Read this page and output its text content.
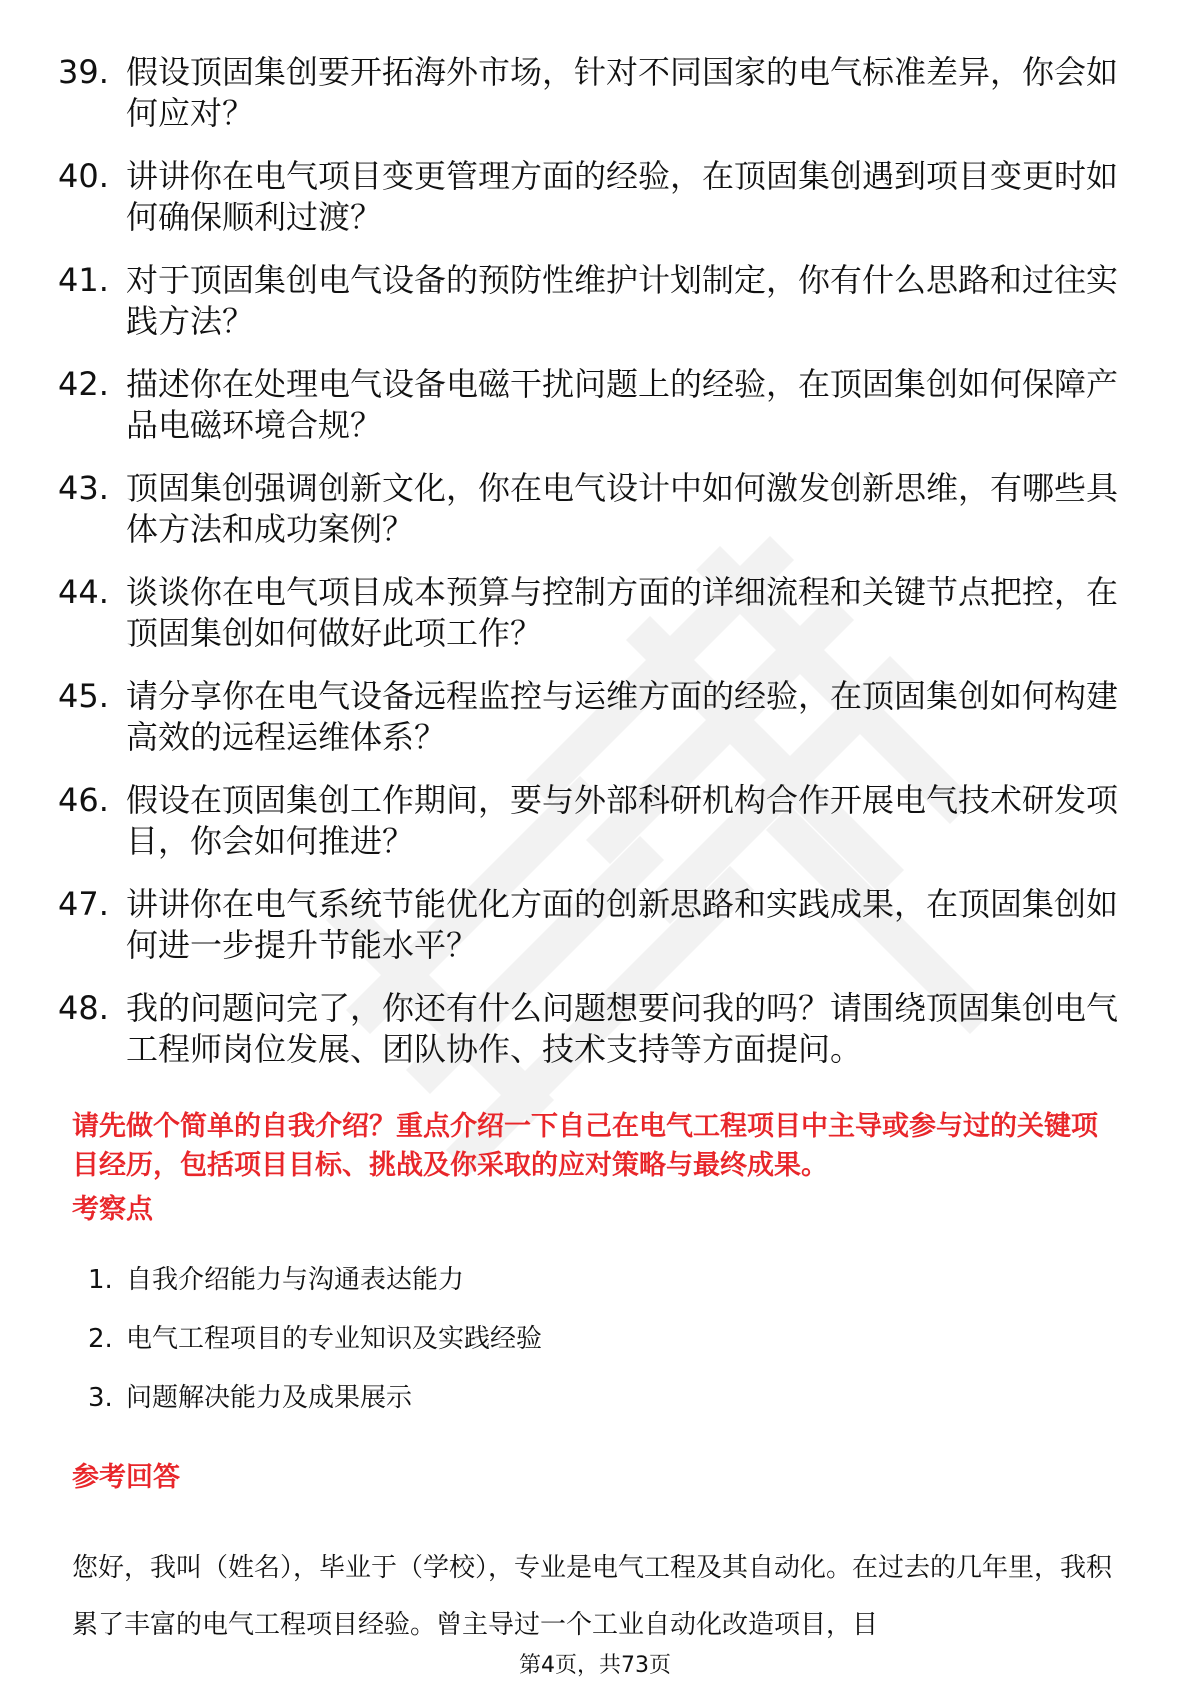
39. 假设顶固集创要开拓海外市场，针对不同国家的电气标准差异，你会如何应对？
40. 讲讲你在电气项目变更管理方面的经验，在顶固集创遇到项目变更时如何确保顺利过渡？
41. 对于顶固集创电气设备的预防性维护计划制定，你有什么思路和过往实践方法？
42. 描述你在处理电气设备电磁干扰问题上的经验，在顶固集创如何保障产品电磁环境合规？
43. 顶固集创强调创新文化，你在电气设计中如何激发创新思维，有哪些具体方法和成功案例？
44. 谈谈你在电气项目成本预算与控制方面的详细流程和关键节点把控，在顶固集创如何做好此项工作？
45. 请分享你在电气设备远程监控与运维方面的经验，在顶固集创如何构建高效的远程运维体系？
46. 假设在顶固集创工作期间，要与外部科研机构合作开展电气技术研发项目，你会如何推进？
47. 讲讲你在电气系统节能优化方面的创新思路和实践成果，在顶固集创如何进一步提升节能水平？
48. 我的问题问完了，你还有什么问题想要问我的吗？请围绕顶固集创电气工程师岗位发展、团队协作、技术支持等方面提问。

请先做个简单的自我介绍？重点介绍一下自己在电气工程项目中主导或参与过的关键项目经历，包括项目目标、挑战及你采取的应对策略与最终成果。

考察点
1. 自我介绍能力与沟通表达能力
2. 电气工程项目的专业知识及实践经验
3. 问题解决能力及成果展示
参考回答

您好，我叫（姓名），毕业于（学校），专业是电气工程及其自动化。在过去的几年里，我积累了丰富的电气工程项目经验。曾主导过一个工业自动化改造项目，目

第4页，共73页
